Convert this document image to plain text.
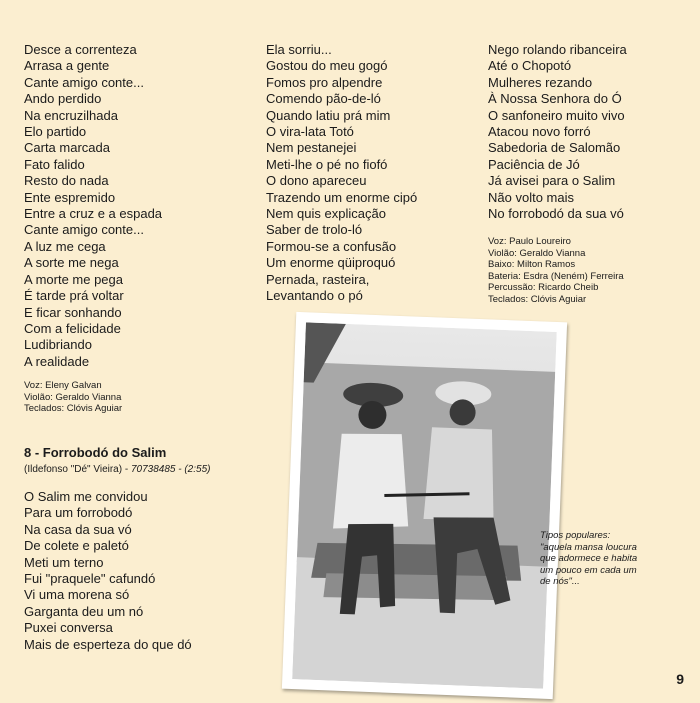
Desce a correnteza
Arrasa a gente
Cante amigo conte...
Ando perdido
Na encruzilhada
Elo partido
Carta marcada
Fato falido
Resto do nada
Ente espremido
Entre a cruz e a espada
Cante amigo conte...
A luz me cega
A sorte me nega
A morte me pega
É tarde prá voltar
E ficar sonhando
Com a felicidade
Ludibriando
A realidade
Voz: Eleny Galvan
Violão: Geraldo Vianna
Teclados: Clóvis Aguiar
8 - Forrobodó do Salim
(Ildefonso "Dé" Vieira) - 70738485 - (2:55)
O Salim me convidou
Para um forrobodó
Na casa da sua vó
De colete e paletó
Meti um terno
Fui "praquele" cafundó
Vi uma morena só
Garganta deu um nó
Puxei conversa
Mais de esperteza do que dó
Ela sorriu...
Gostou do meu gogó
Fomos pro alpendre
Comendo pão-de-ló
Quando latiu prá mim
O vira-lata Totó
Nem pestanejei
Meti-lhe o pé no fiofó
O dono apareceu
Trazendo um enorme cipó
Nem quis explicação
Saber de trolo-ló
Formou-se a confusão
Um enorme qüiproquó
Pernada, rasteira,
Levantando o pó
Nego rolando ribanceira
Até o Chopotó
Mulheres rezando
À Nossa Senhora do Ó
O sanfoneiro muito vivo
Atacou novo forró
Sabedoria de Salomão
Paciência de Jó
Já avisei para o Salim
Não volto mais
No forrobodó da sua vó
Voz: Paulo Loureiro
Violão: Geraldo Vianna
Baixo: Milton Ramos
Bateria: Esdra (Neném) Ferreira
Percussão: Ricardo Cheib
Teclados: Clóvis Aguiar
Tipos populares: "aquela mansa loucura que adormece e habita um pouco em cada um de nós"...
9
